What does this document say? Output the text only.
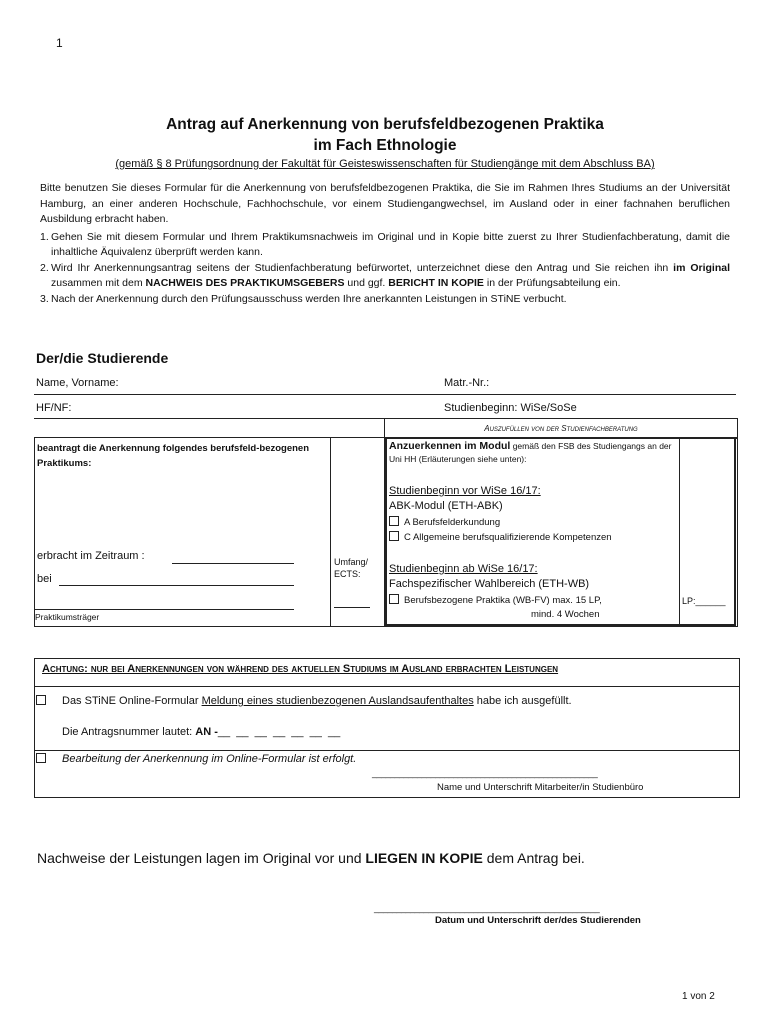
1
Antrag auf Anerkennung von berufsfeldbezogenen Praktika
im Fach Ethnologie
(gemäß § 8 Prüfungsordnung der Fakultät für Geisteswissenschaften für Studiengänge mit dem Abschluss BA)

Bitte benutzen Sie dieses Formular für die Anerkennung von berufsfeldbezogenen Praktika, die Sie im Rahmen Ihres Studiums an der Universität Hamburg, an einer anderen Hochschule, Fachhochschule, vor einem Studiengangwechsel, im Ausland oder in einer fachnahen beruflichen Ausbildung erbracht haben.

1. Gehen Sie mit diesem Formular und Ihrem Praktikumsnachweis im Original und in Kopie bitte zuerst zu Ihrer Studienfachberatung, damit die inhaltliche Äquivalenz überprüft werden kann.
2. Wird Ihr Anerkennungsantrag seitens der Studienfachberatung befürwortet, unterzeichnet diese den Antrag und Sie reichen ihn im Original zusammen mit dem NACHWEIS DES PRAKTIKUMSGEBERS und ggf. BERICHT IN KOPIE in der Prüfungsabteilung ein.
3. Nach der Anerkennung durch den Prüfungsausschuss werden Ihre anerkannten Leistungen in STiNE verbucht.
Der/die Studierende
Name, Vorname:	Matr.-Nr.:
HF/NF:	Studienbeginn: WiSe/SoSe
Auszufüllen von der Studienfachberatung
beantragt die Anerkennung folgendes berufsfeld-bezogenen Praktikums:
erbracht im Zeitraum :
bei
Praktikumsträger
Umfang/ ECTS:
Anzuerkennen im Modul gemäß den FSB des Studiengangs an der Uni HH (Erläuterungen siehe unten):
Studienbeginn vor WiSe 16/17:
ABK-Modul (ETH-ABK)
A Berufsfelderkundung
C Allgemeine berufsqualifizierende Kompetenzen
Studienbeginn ab WiSe 16/17:
Fachspezifischer Wahlbereich (ETH-WB)
Berufsbezogene Praktika (WB-FV) max. 15 LP,
mind. 4 Wochen
LP:______
Achtung: nur bei Anerkennungen von während des aktuellen Studiums im Ausland erbrachten Leistungen
Das STiNE Online-Formular Meldung eines studienbezogenen Auslandsaufenthaltes habe ich ausgefüllt.
Die Antragsnummer lautet: AN -__  __  __  __  __  __  __
Bearbeitung der Anerkennung im Online-Formular ist erfolgt.
__________________________________________________
Name und Unterschrift Mitarbeiter/in Studienbüro
Nachweise der Leistungen lagen im Original vor und LIEGEN IN KOPIE dem Antrag bei.
__________________________________________________
Datum und Unterschrift der/des Studierenden
1 von 2
